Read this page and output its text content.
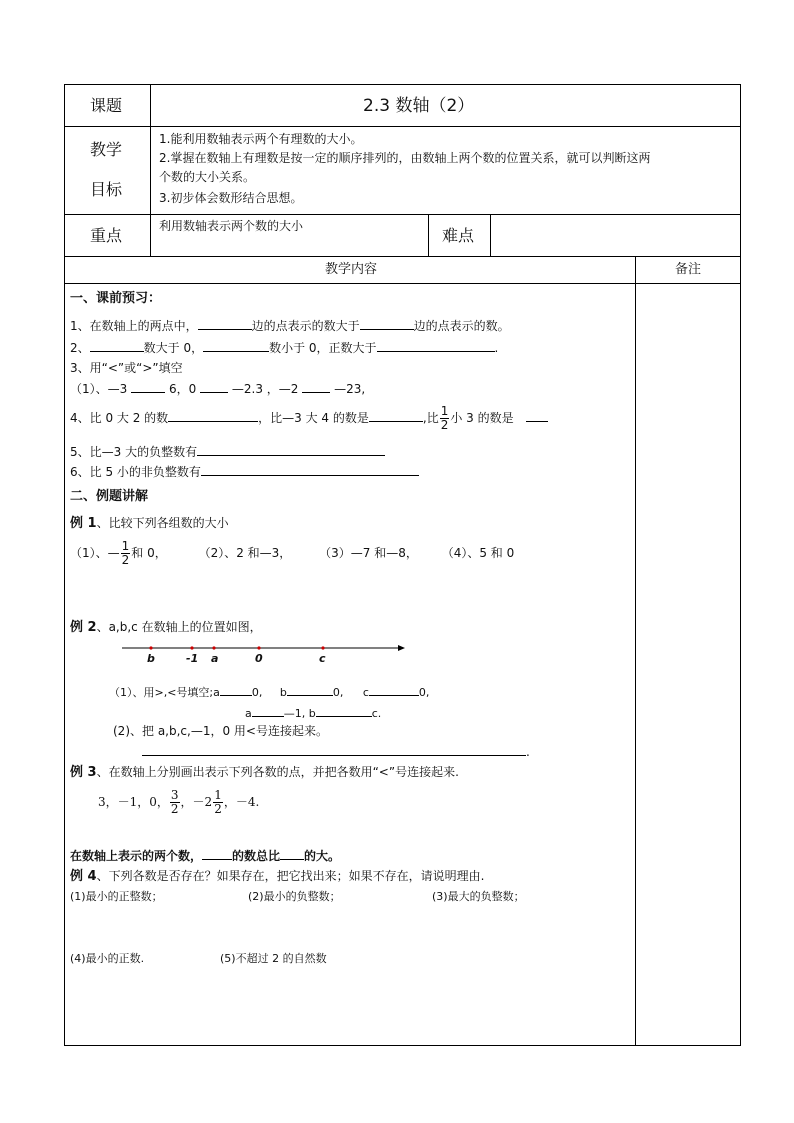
课题	2.3 数轴（2）
教学
目标
1.能利用数轴表示两个有理数的大小。
2.掌握在数轴上有理数是按一定的顺序排列的，由数轴上两个数的位置关系，就可以判断这两
个数的大小关系。
3.初步体会数形结合思想。
重点	利用数轴表示两个数的大小	难点
教学内容	备注
一、课前预习：
1、在数轴上的两点中，	边的点表示的数大于	边的点表示的数。
2、	数大于 0，	数小于 0，正数大于	.
3、用“<”或“>”填空
（1）、—3	6，0	—2.3 ，—2	—23,
4、比 0 大 2 的数	，比—3 大 4 的数是	,比 $\frac{1}{2}$ 小 3 的数是
5、比—3 大的负整数有
6、比 5 小的非负整数有
二、例题讲解
例 1、比较下列各组数的大小
（1）、— $\frac{1}{2}$ 和 0，	（2）、2 和—3， （3）—7 和—8， （4）、5 和 0
例 2、a,b,c 在数轴上的位置如图，
b	-1 a	0	c
（1）、用>,<号填空;a	0, b	0, c	0,
a	—1, b	c.
(2)、把 a,b,c,—1，0 用<号连接起来。
.
例 3、在数轴上分别画出表示下列各数的点，并把各数用“<”号连接起来.
3，－1，0， $\frac{3}{2}$ ，$-2 \frac{1}{2}$ ，－4.
在数轴上表示的两个数，	的数总比 的大。
例 4、下列各数是否存在？如果存在，把它找出来；如果不存在，请说明理由.
(1)最小的正整数；	(2)最小的负整数；	(3)最大的负整数；
(4)最小的正数.	(5)不超过 2 的自然数
